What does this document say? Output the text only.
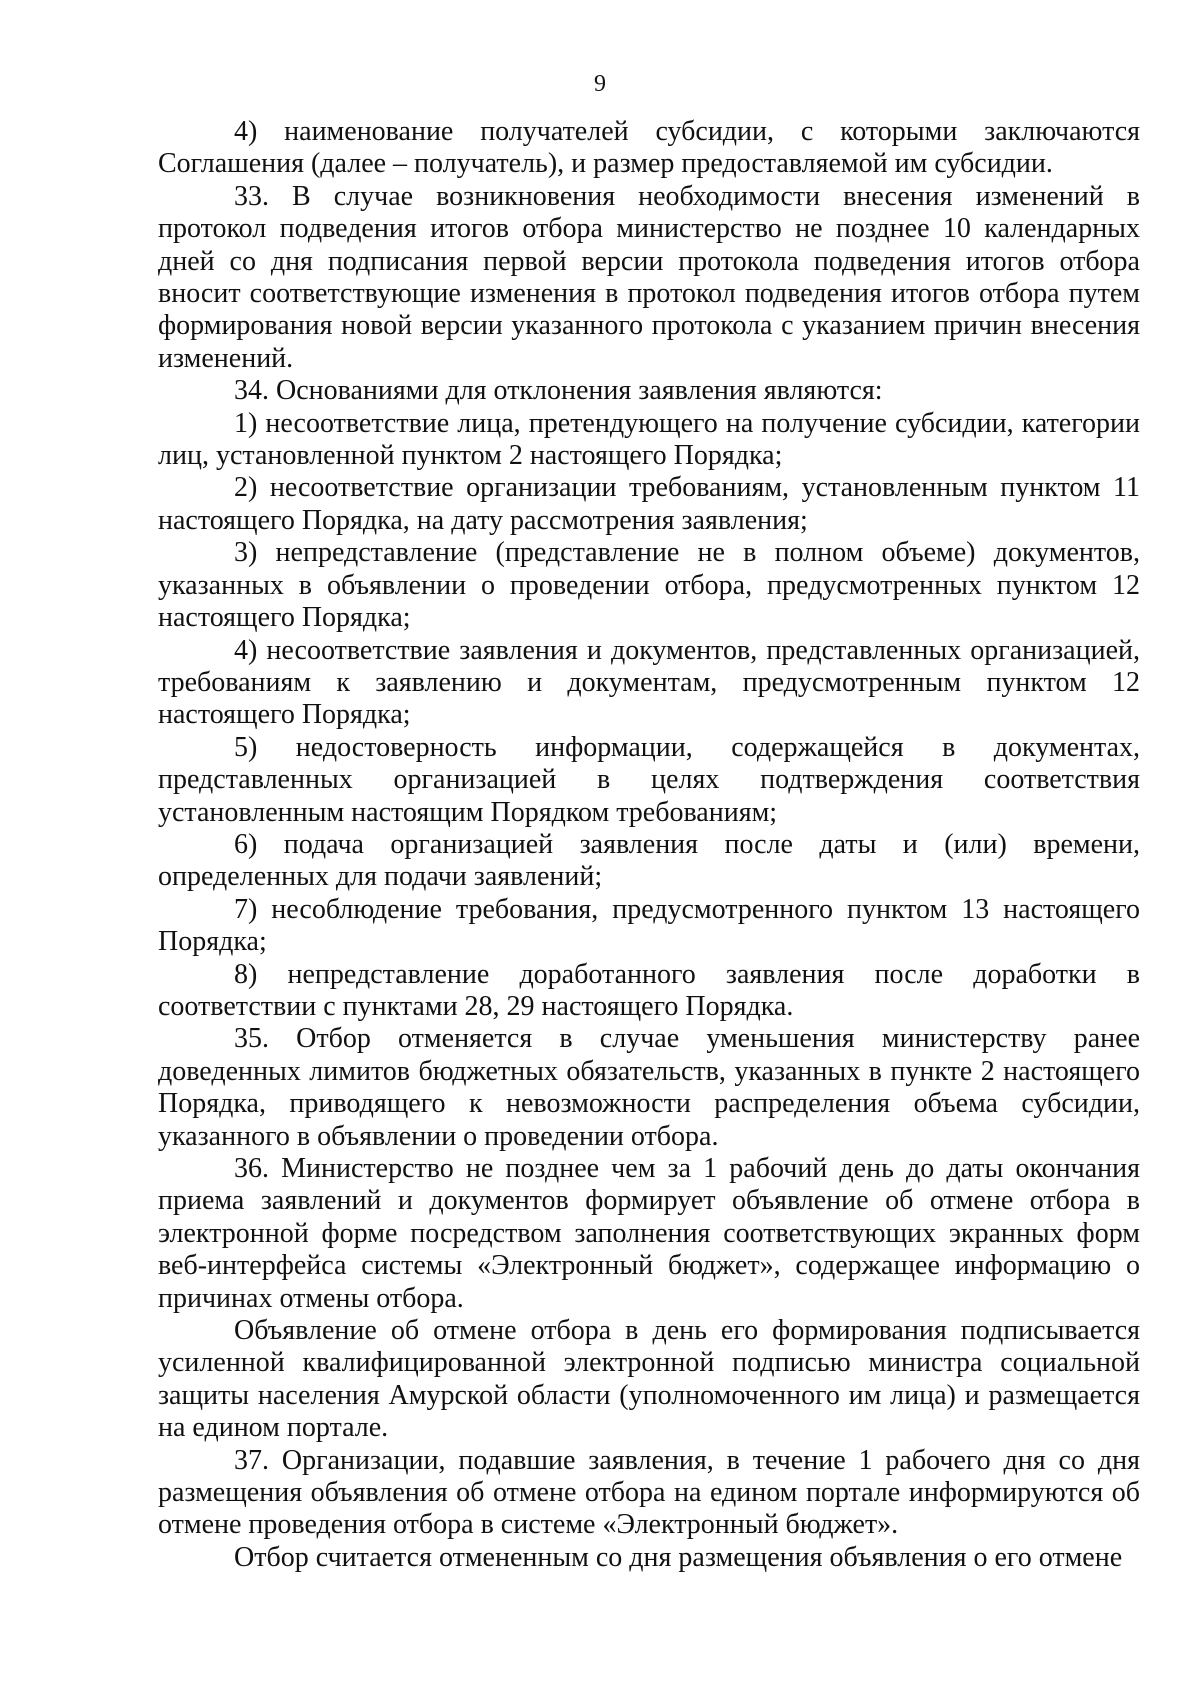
9

4) наименование получателей субсидии, с которыми заключаются Соглашения (далее – получатель), и размер предоставляемой им субсидии.

33. В случае возникновения необходимости внесения изменений в протокол подведения итогов отбора министерство не позднее 10 календарных дней со дня подписания первой версии протокола подведения итогов отбора вносит соответствующие изменения в протокол подведения итогов отбора путем формирования новой версии указанного протокола с указанием причин внесения изменений.

34. Основаниями для отклонения заявления являются:

1) несоответствие лица, претендующего на получение субсидии, категории лиц, установленной пунктом 2 настоящего Порядка;

2) несоответствие организации требованиям, установленным пунктом 11 настоящего Порядка, на дату рассмотрения заявления;

3) непредставление (представление не в полном объеме) документов, указанных в объявлении о проведении отбора, предусмотренных пунктом 12 настоящего Порядка;

4) несоответствие заявления и документов, представленных организацией, требованиям к заявлению и документам, предусмотренным пунктом 12 настоящего Порядка;

5) недостоверность информации, содержащейся в документах, представленных организацией в целях подтверждения соответствия установленным настоящим Порядком требованиям;

6) подача организацией заявления после даты и (или) времени, определенных для подачи заявлений;

7) несоблюдение требования, предусмотренного пунктом 13 настоящего Порядка;

8) непредставление доработанного заявления после доработки в соответствии с пунктами 28, 29 настоящего Порядка.

35. Отбор отменяется в случае уменьшения министерству ранее доведенных лимитов бюджетных обязательств, указанных в пункте 2 настоящего Порядка, приводящего к невозможности распределения объема субсидии, указанного в объявлении о проведении отбора.

36. Министерство не позднее чем за 1 рабочий день до даты окончания приема заявлений и документов формирует объявление об отмене отбора в электронной форме посредством заполнения соответствующих экранных форм веб-интерфейса системы «Электронный бюджет», содержащее информацию о причинах отмены отбора.

Объявление об отмене отбора в день его формирования подписывается усиленной квалифицированной электронной подписью министра социальной защиты населения Амурской области (уполномоченного им лица) и размещается на едином портале.

37. Организации, подавшие заявления, в течение 1 рабочего дня со дня размещения объявления об отмене отбора на едином портале информируются об отмене проведения отбора в системе «Электронный бюджет».

Отбор считается отмененным со дня размещения объявления о его отмене
